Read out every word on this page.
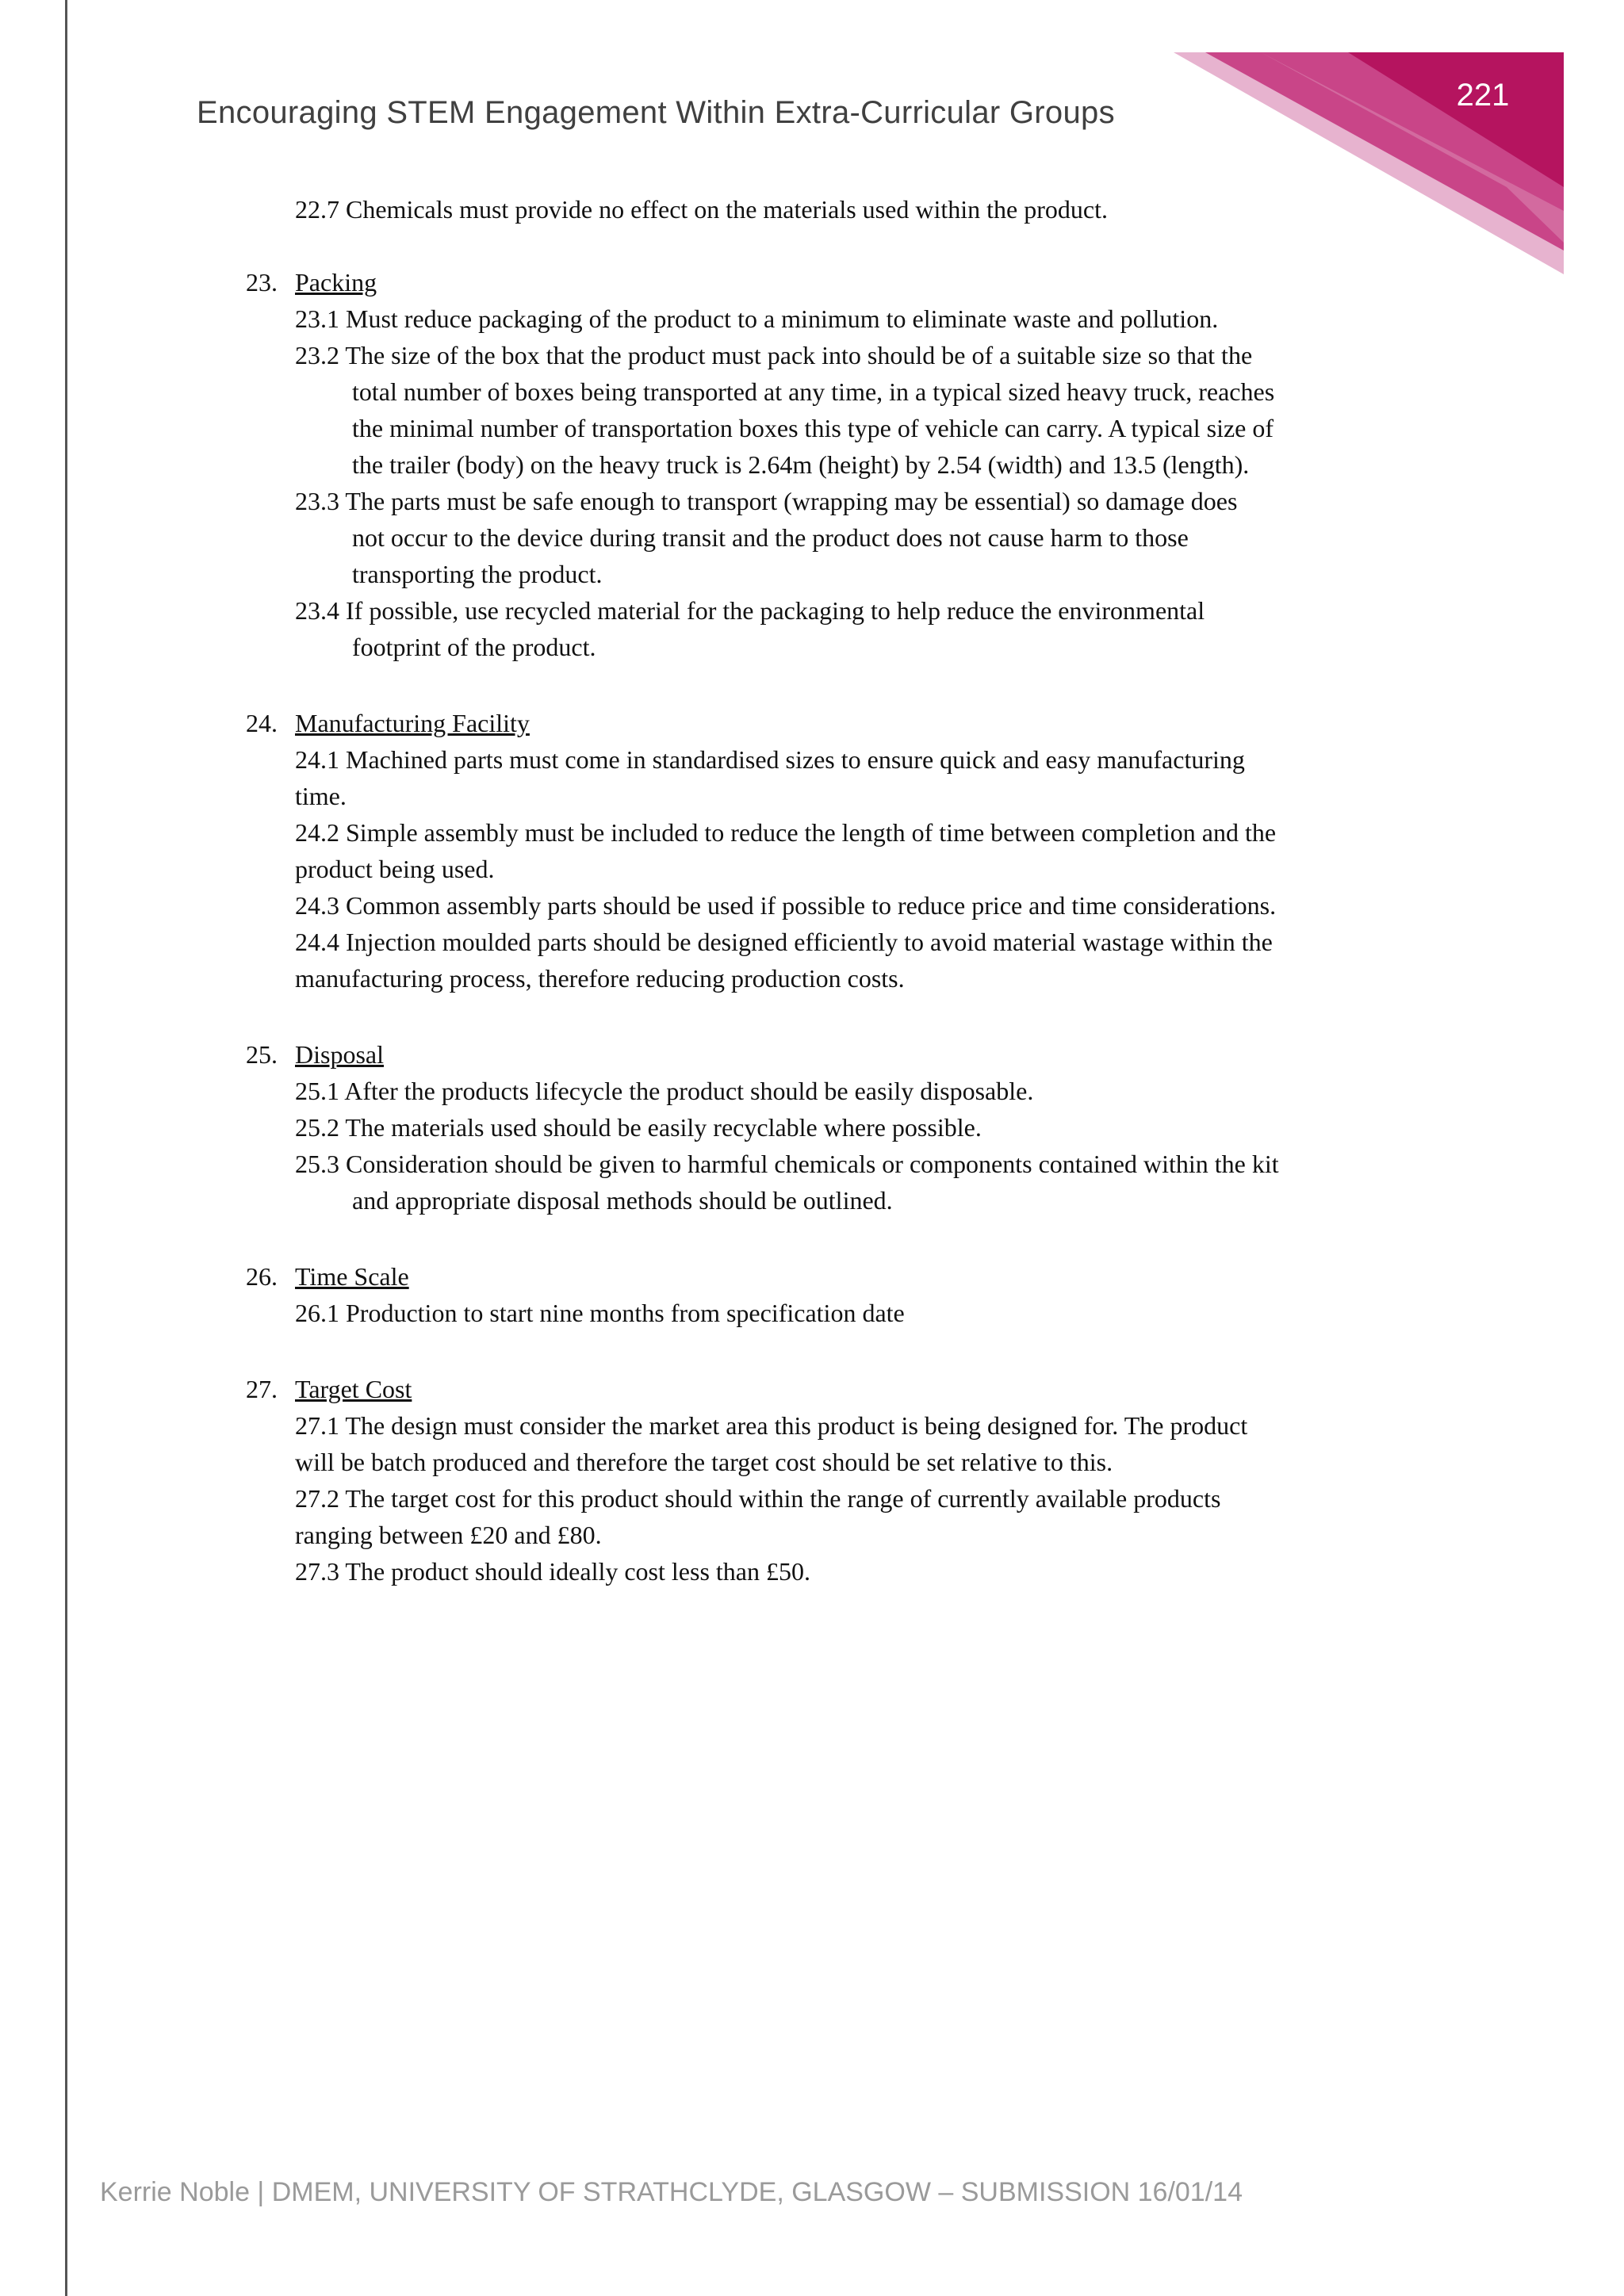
221
Encouraging STEM Engagement Within Extra-Curricular Groups
22.7 Chemicals must provide no effect on the materials used within the product.
23. Packing
23.1 Must reduce packaging of the product to a minimum to eliminate waste and pollution.
23.2 The size of the box that the product must pack into should be of a suitable size so that the
total number of boxes being transported at any time, in a typical sized heavy truck, reaches
the minimal number of transportation boxes this type of vehicle can carry. A typical size of
the trailer (body) on the heavy truck is 2.64m (height) by 2.54 (width) and 13.5 (length).
23.3 The parts must be safe enough to transport (wrapping may be essential) so damage does
not occur to the device during transit and the product does not cause harm to those
transporting the product.
23.4 If possible, use recycled material for the packaging to help reduce the environmental
footprint of the product.
24. Manufacturing Facility
24.1 Machined parts must come in standardised sizes to ensure quick and easy manufacturing
time.
24.2 Simple assembly must be included to reduce the length of time between completion and the
product being used.
24.3 Common assembly parts should be used if possible to reduce price and time considerations.
24.4 Injection moulded parts should be designed efficiently to avoid material wastage within the
manufacturing process, therefore reducing production costs.
25. Disposal
25.1 After the products lifecycle the product should be easily disposable.
25.2 The materials used should be easily recyclable where possible.
25.3 Consideration should be given to harmful chemicals or components contained within the kit
and appropriate disposal methods should be outlined.
26. Time Scale
26.1 Production to start nine months from specification date
27. Target Cost
27.1 The design must consider the market area this product is being designed for. The product
will be batch produced and therefore the target cost should be set relative to this.
27.2 The target cost for this product should within the range of currently available products
ranging between £20 and £80.
27.3 The product should ideally cost less than £50.
Kerrie Noble | DMEM, UNIVERSITY OF STRATHCLYDE, GLASGOW – SUBMISSION 16/01/14
